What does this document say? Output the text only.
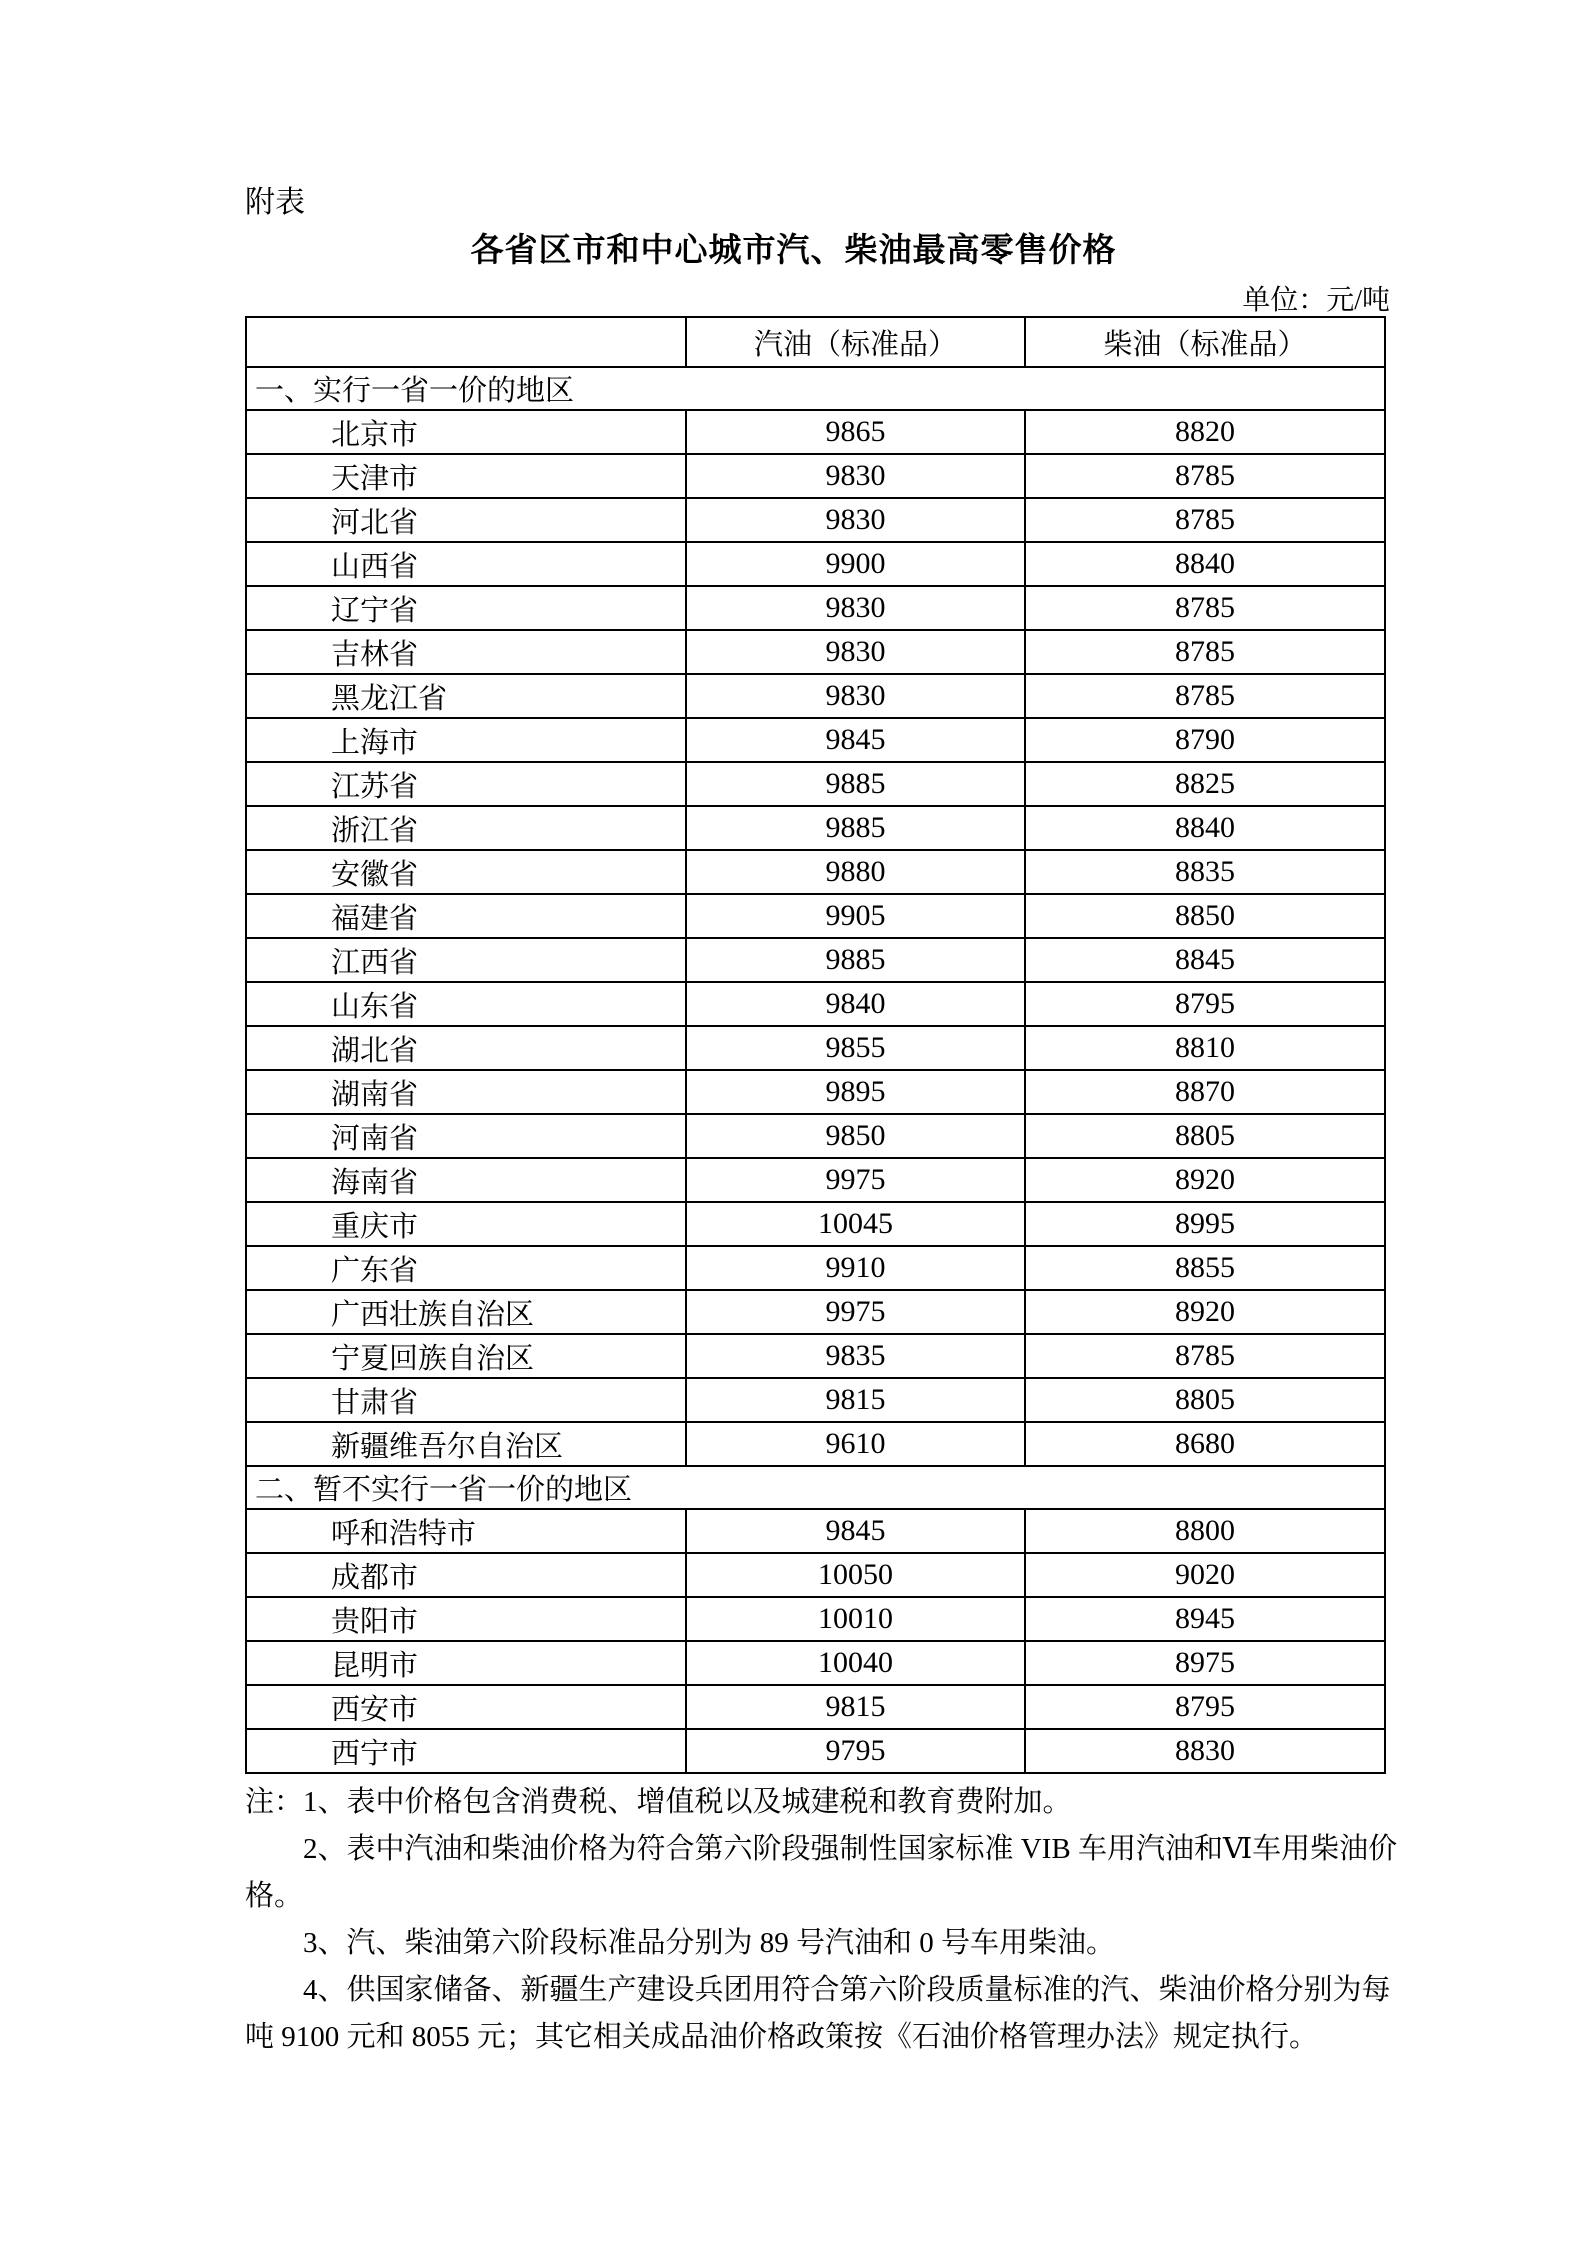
附表
各省区市和中心城市汽、柴油最高零售价格
单位：元/吨
	汽油（标准品）	柴油（标准品）
一、实行一省一价的地区		
北京市	9865	8820
天津市	9830	8785
河北省	9830	8785
山西省	9900	8840
辽宁省	9830	8785
吉林省	9830	8785
黑龙江省	9830	8785
上海市	9845	8790
江苏省	9885	8825
浙江省	9885	8840
安徽省	9880	8835
福建省	9905	8850
江西省	9885	8845
山东省	9840	8795
湖北省	9855	8810
湖南省	9895	8870
河南省	9850	8805
海南省	9975	8920
重庆市	10045	8995
广东省	9910	8855
广西壮族自治区	9975	8920
宁夏回族自治区	9835	8785
甘肃省	9815	8805
新疆维吾尔自治区	9610	8680
二、暂不实行一省一价的地区		
呼和浩特市	9845	8800
成都市	10050	9020
贵阳市	10010	8945
昆明市	10040	8975
西安市	9815	8795
西宁市	9795	8830
注：1、表中价格包含消费税、增值税以及城建税和教育费附加。
2、表中汽油和柴油价格为符合第六阶段强制性国家标准 VIB 车用汽油和Ⅵ车用柴油价
格。
3、汽、柴油第六阶段标准品分别为 89 号汽油和 0 号车用柴油。
4、供国家储备、新疆生产建设兵团用符合第六阶段质量标准的汽、柴油价格分别为每
吨 9100 元和 8055 元；其它相关成品油价格政策按《石油价格管理办法》规定执行。
